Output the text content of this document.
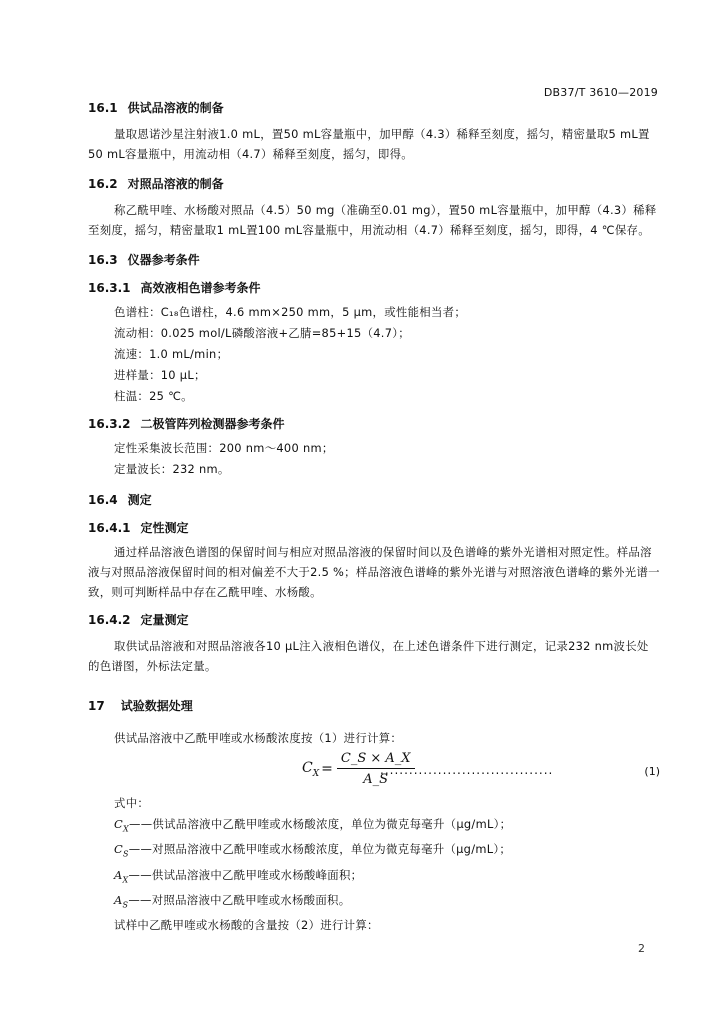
DB37/T 3610—2019
16.1 供试品溶液的制备

量取恩诺沙星注射液1.0 mL，置50 mL容量瓶中，加甲醇（4.3）稀释至刻度，摇匀，精密量取5 mL置50 mL容量瓶中，用流动相（4.7）稀释至刻度，摇匀，即得。

16.2 对照品溶液的制备

称乙酰甲喹、水杨酸对照品（4.5）50 mg（准确至0.01 mg），置50 mL容量瓶中，加甲醇（4.3）稀释至刻度，摇匀，精密量取1 mL置100 mL容量瓶中，用流动相（4.7）稀释至刻度，摇匀，即得，4 ℃保存。

16.3 仪器参考条件
16.3.1 高效液相色谱参考条件

色谱柱：C₁₈色谱柱，4.6 mm×250 mm，5 μm，或性能相当者；

流动相：0.025 mol/L磷酸溶液+乙腈=85+15（4.7）；

流速：1.0 mL/min；

进样量：10 μL；

柱温：25 ℃。

16.3.2 二极管阵列检测器参考条件

定性采集波长范围：200 nm～400 nm；

定量波长：232 nm。

16.4 测定
16.4.1 定性测定

通过样品溶液色谱图的保留时间与相应对照品溶液的保留时间以及色谱峰的紫外光谱相对照定性。样品溶液与对照品溶液保留时间的相对偏差不大于2.5 %；样品溶液色谱峰的紫外光谱与对照溶液色谱峰的紫外光谱一致，则可判断样品中存在乙酰甲喹、水杨酸。

16.4.2 定量测定

取供试品溶液和对照品溶液各10 μL注入液相色谱仪，在上述色谱条件下进行测定，记录232 nm波长处的色谱图，外标法定量。

17 试验数据处理

供试品溶液中乙酰甲喹或水杨酸浓度按（1）进行计算：

$C_X = \frac{C\_S \times A\_X}{A\_S}$
....................................	(1)

式中：

$C_X——$供试品溶液中乙酰甲喹或水杨酸浓度，单位为微克每毫升（μg/mL）；

$C_S——$对照品溶液中乙酰甲喹或水杨酸浓度，单位为微克每毫升（μg/mL）；

$A_X——$供试品溶液中乙酰甲喹或水杨酸峰面积；

$A_S——$对照品溶液中乙酰甲喹或水杨酸面积。

试样中乙酰甲喹或水杨酸的含量按（2）进行计算：

2
